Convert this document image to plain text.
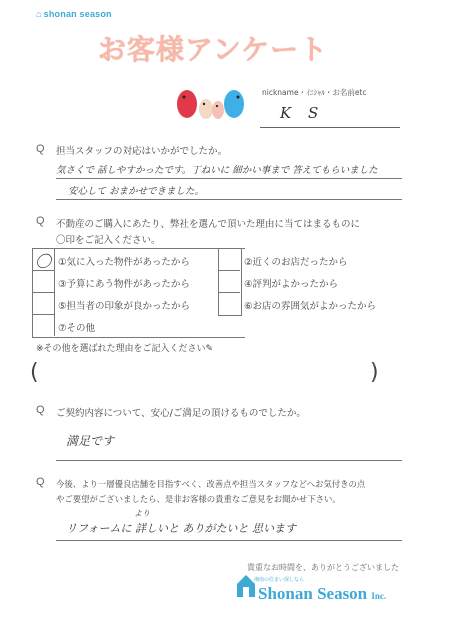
⌂ shonan season
お客様アンケート
nickname・ｲﾆｼｬﾙ・お名前etc
K S
Q 担当スタッフの対応はいかがでしたか。
気さくで 話しやすかったです。丁ねいに 細かい事まで 答えてもらいました
安心して おまかせできました。
Q 不動産のご購入にあたり、弊社を選んで頂いた理由に当てはまるものに
〇印をご記入ください。
〇 ①気に入った物件があったから	②近くのお店だったから
③予算にあう物件があったから	④評判がよかったから
⑤担当者の印象が良かったから	⑥お店の雰囲気がよかったから
⑦その他
※その他を選ばれた理由をご記入ください✎
(	)
Q ご契約内容について、安心/ご満足の頂けるものでしたか。
満足です
Q 今後、より一層優良店舗を目指すべく、改善点や担当スタッフなどへお気付きの点
やご要望がございましたら、是非お客様の貴重なご意見をお聞かせ下さい。
より
リフォームに 詳しいと ありがたいと 思います
貴重なお時間を、ありがとうございました
湘南の住まい探しなら
Shonan Season Inc.
